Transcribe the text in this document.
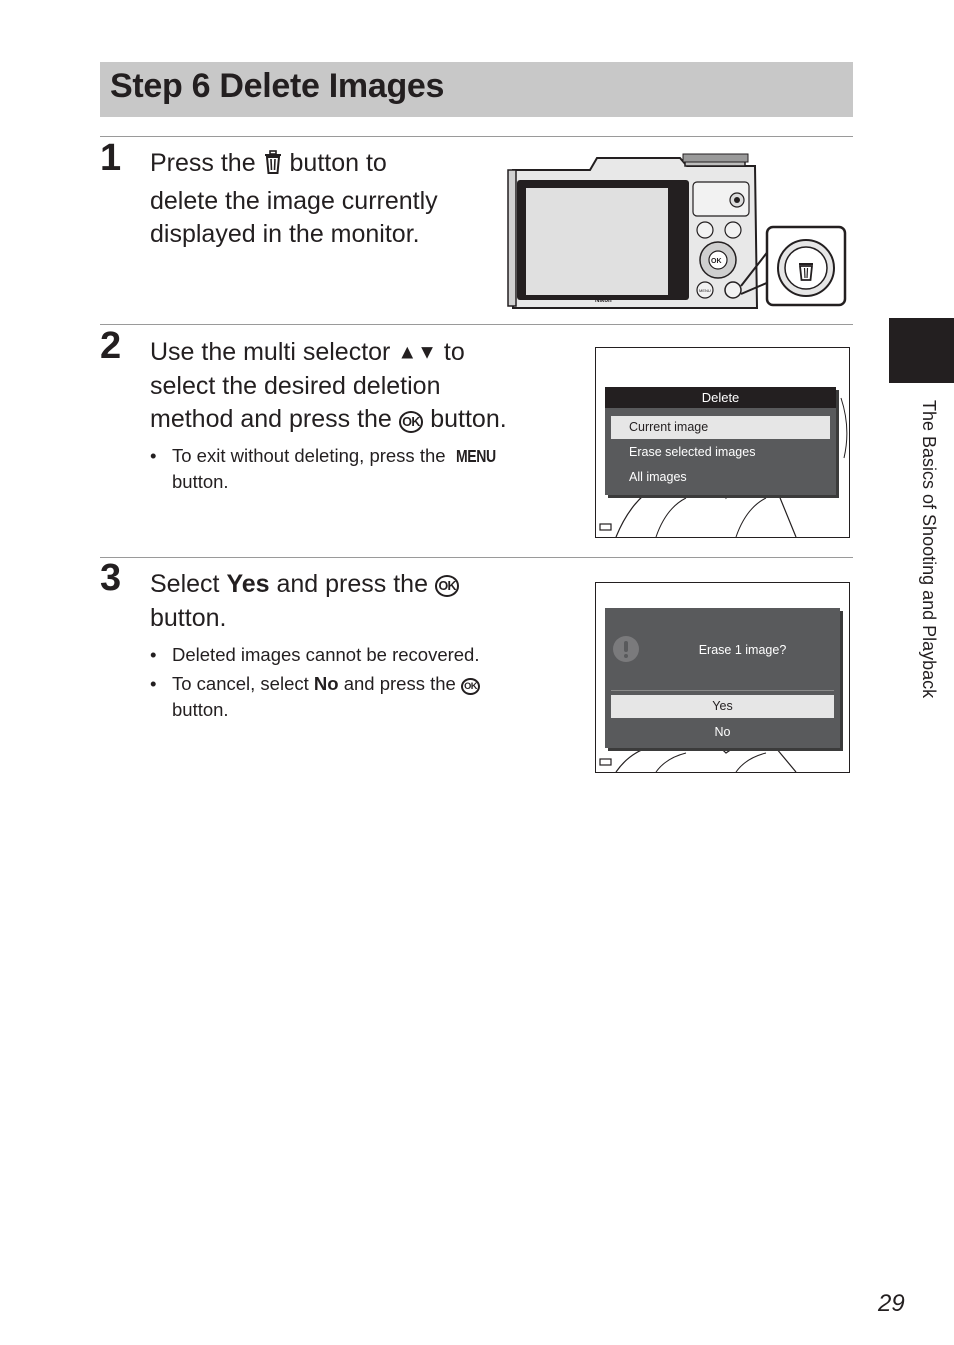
Step 6 Delete Images
1 Press the button to
delete the image currently
displayed in the monitor.
Nikon
OK
MENU
2 Use the multi selector ▲▼ to
select the desired deletion
method and press the OK button.
• To exit without deleting, press the MENU
button.
Delete
Current image
Erase selected images
All images
3 Select Yes and press the OK
button.
• Deleted images cannot be recovered.
• To cancel, select No and press the OK
button.
Erase 1 image?
Yes
No
The Basics of Shooting and Playback
29
